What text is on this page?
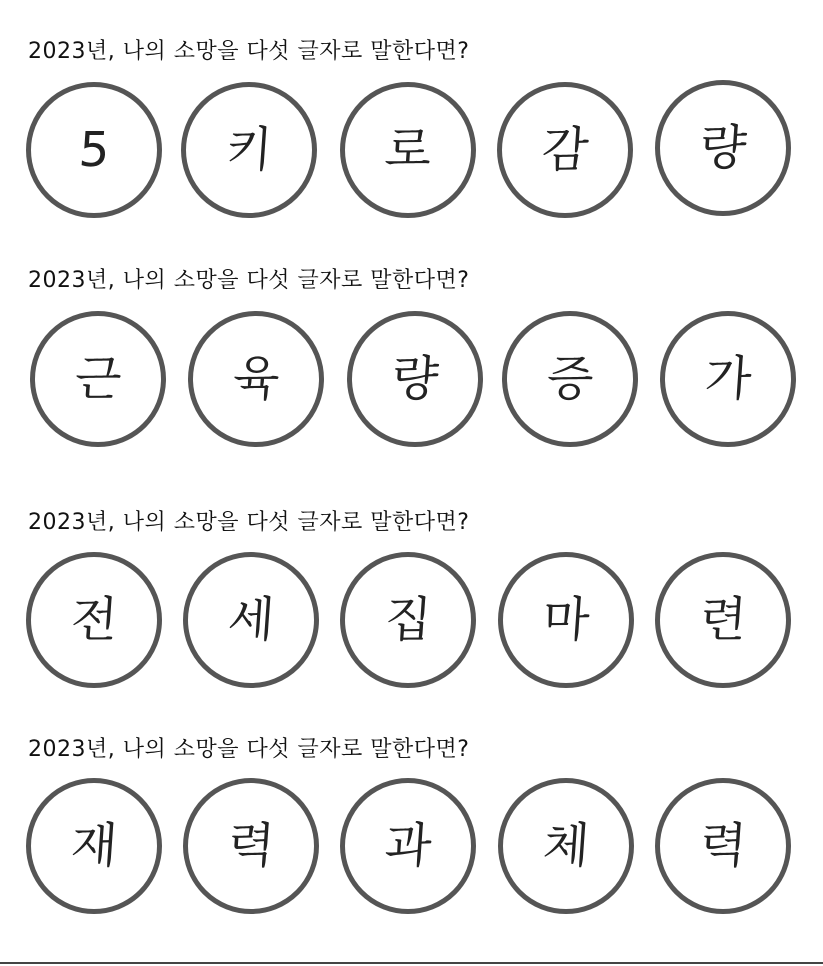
2023년, 나의 소망을 다섯 글자로 말한다면?
5 키 로 감 량
2023년, 나의 소망을 다섯 글자로 말한다면?
근 육 량 증 가
2023년, 나의 소망을 다섯 글자로 말한다면?
전 세 집 마 련
2023년, 나의 소망을 다섯 글자로 말한다면?
재 력 과 체 력
